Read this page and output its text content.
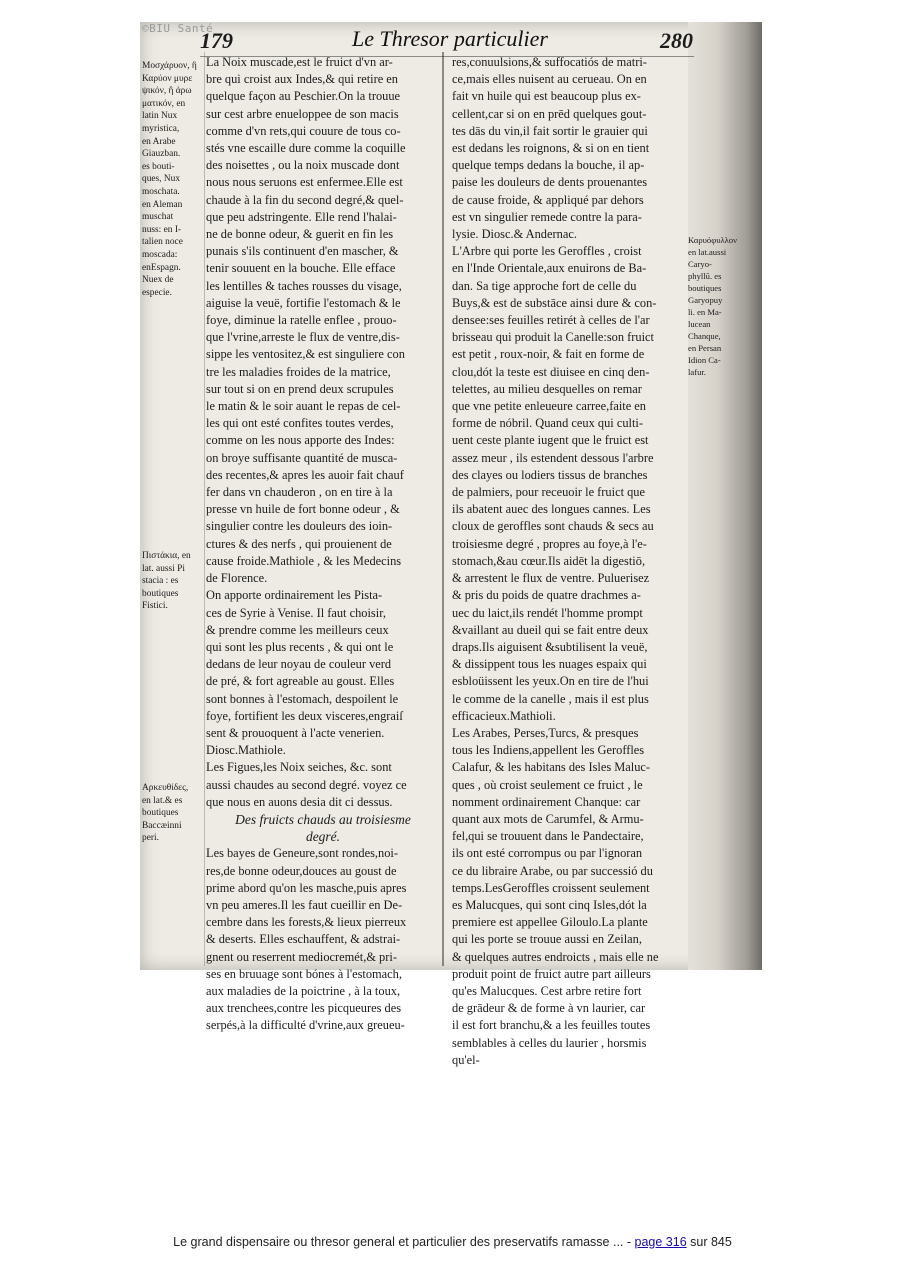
©BIU Santé
179	Le Thresor particulier	280
Μοσχάρυον, ἢ
Καρύον μυρε
ψικόν, ἢ ἀρω
ματικόν, en
latin Nux
myristica,
en Arabe
Giauzban.
es bouti-
ques, Nux
moschata.
en Aleman
muschat
nuss: en I-
talien noce
moscada:
enEspagn.
Nuex de
especie.
Πιστάκια, en
lat. aussi Pi
stacia : es
boutiques
Fistici.
Αρκευθίδες,
en lat.& es
boutiques
Baccæinni
peri.
La Noix muscade,est le fruict d'vn ar-
bre qui croist aux Indes,& qui retire en
quelque façon au Peschier.On la trouue
sur cest arbre enueloppee de son macis
comme d'vn rets,qui couure de tous co-
stés vne escaille dure comme la coquille
des noisettes , ou la noix muscade dont
nous nous seruons est enfermee.Elle est
chaude à la fin du second degré,& quel-
que peu adstringente. Elle rend l'halai-
ne de bonne odeur, & guerit en fin les
punais s'ils continuent d'en mascher, &
tenir souuent en la bouche. Elle efface
les lentilles & taches rousses du visage,
aiguise la veuë, fortifie l'estomach & le
foye, diminue la ratelle enflee , prouo-
que l'vrine,arreste le flux de ventre,dis-
sippe les ventositez,& est singuliere con
tre les maladies froides de la matrice,
sur tout si on en prend deux scrupules
le matin & le soir auant le repas de cel-
les qui ont esté confites toutes verdes,
comme on les nous apporte des Indes:
on broye suffisante quantité de musca-
des recentes,& apres les auoir fait chauf
fer dans vn chauderon , on en tire à la
presse vn huile de fort bonne odeur , &
singulier contre les douleurs des ioin-
ctures & des nerfs , qui prouienent de
cause froide.Mathiole , & les Medecins
de Florence.
On apporte ordinairement les Pista-
ces de Syrie à Venise. Il faut choisir,
& prendre comme les meilleurs ceux
qui sont les plus recents , & qui ont le
dedans de leur noyau de couleur verd
de pré, & fort agreable au goust. Elles
sont bonnes à l'estomach, despoilent le
foye, fortifient les deux visceres,engraiſ
sent & prouoquent à l'acte venerien.
Diosc.Mathiole.
Les Figues,les Noix seiches, &c. sont
aussi chaudes au second degré. voyez ce
que nous en auons desia dit ci dessus.
Des fruicts chauds au troisiesme
degré.
Les bayes de Geneure,sont rondes,noi-
res,de bonne odeur,douces au goust de
prime abord qu'on les masche,puis apres
vn peu ameres.Il les faut cueillir en De-
cembre dans les forests,& lieux pierreux
& deserts. Elles eschauffent, & adstrai-
gnent ou reserrent mediocremét,& pri-
ses en bruuage sont bónes à l'estomach,
aux maladies de la poictrine , à la toux,
aux trenchees,contre les picqueures des
serpés,à la difficulté d'vrine,aux greueu-
res,conuulsions,& suffocatiós de matri-
ce,mais elles nuisent au cerueau. On en
fait vn huile qui est beaucoup plus ex-
cellent,car si on en prēd quelques gout-
tes dās du vin,il fait sortir le grauier qui
est dedans les roignons, & si on en tient
quelque temps dedans la bouche, il ap-
paise les douleurs de dents prouenantes
de cause froide, & appliqué par dehors
est vn singulier remede contre la para-
lysie. Diosc.& Andernac.
L'Arbre qui porte les Geroffles , croist
en l'Inde Orientale,aux enuirons de Ba-
dan. Sa tige approche fort de celle du
Buys,& est de substāce ainsi dure & con-
densee:ses feuilles retirét à celles de l'ar
brisseau qui produit la Canelle:son fruict
est petit , roux-noir, & fait en forme de
clou,dót la teste est diuisee en cinq den-
telettes, au milieu desquelles on remar
que vne petite enleueure carree,faite en
forme de nóbril. Quand ceux qui culti-
uent ceste plante iugent que le fruict est
assez meur , ils estendent dessous l'arbre
des clayes ou lodiers tissus de branches
de palmiers, pour receuoir le fruict que
ils abatent auec des longues cannes. Les
cloux de geroffles sont chauds & secs au
troisiesme degré , propres au foye,à l'e-
stomach,&au cœur.Ils aidēt la digestiō,
& arrestent le flux de ventre. Puluerisez
& pris du poids de quatre drachmes a-
uec du laict,ils rendét l'homme prompt
&vaillant au dueil qui se fait entre deux
draps.Ils aiguisent &subtilisent la veuë,
& dissippent tous les nuages espaix qui
esbloüissent les yeux.On en tire de l'hui
le comme de la canelle , mais il est plus
efficacieux.Mathioli.
Les Arabes, Perses,Turcs, & presques
tous les Indiens,appellent les Geroffles
Calafur, & les habitans des Isles Maluc-
ques , où croist seulement ce fruict , le
nomment ordinairement Chanque: car
quant aux mots de Carumfel, & Armu-
fel,qui se trouuent dans le Pandectaire,
ils ont esté corrompus ou par l'ignoran
ce du libraire Arabe, ou par successió du
temps.LesGeroffles croissent seulement
es Malucques, qui sont cinq Isles,dót la
premiere est appellee Giloulo.La plante
qui les porte se trouue aussi en Zeilan,
& quelques autres endroicts , mais elle ne
produit point de fruict autre part ailleurs
qu'es Malucques. Cest arbre retire fort
de grādeur & de forme à vn laurier, car
il est fort branchu,& a les feuilles toutes
semblables à celles du laurier , horsmis
qu'el-
Καρυόφυλλον
en lat.aussi
Caryo-
phyllū. es
boutiques
Garyopuy
li. en Ma-
lucean
Chanque,
en Persan
Idion Ca-
lafur.
Le grand dispensaire ou thresor general et particulier des preservatifs ramasse ... - page 316 sur 845
